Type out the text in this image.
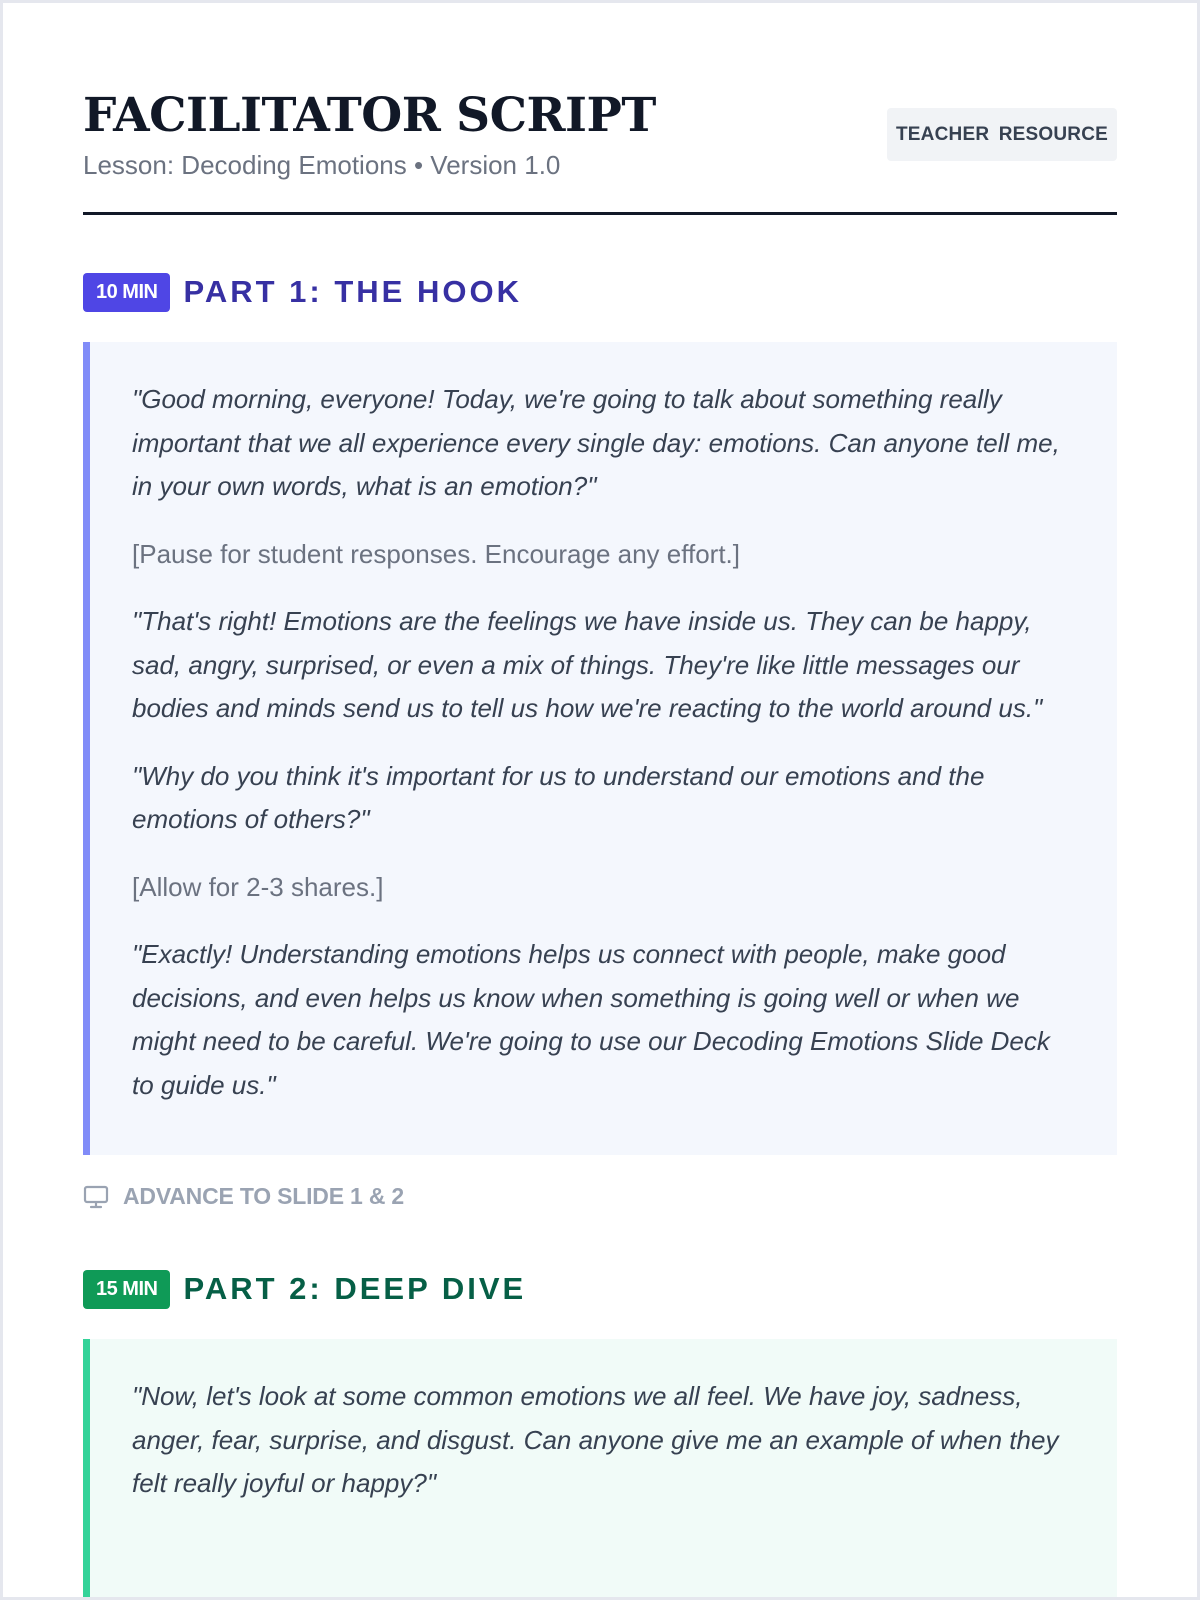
FACILITATOR SCRIPT
Lesson: Decoding Emotions • Version 1.0
TEACHER RESOURCE
10 MIN PART 1: THE HOOK

"Good morning, everyone! Today, we're going to talk about something really important that we all experience every single day: emotions. Can anyone tell me, in your own words, what is an emotion?"

[Pause for student responses. Encourage any effort.]

"That's right! Emotions are the feelings we have inside us. They can be happy, sad, angry, surprised, or even a mix of things. They're like little messages our bodies and minds send us to tell us how we're reacting to the world around us."

"Why do you think it's important for us to understand our emotions and the emotions of others?"

[Allow for 2-3 shares.]

"Exactly! Understanding emotions helps us connect with people, make good decisions, and even helps us know when something is going well or when we might need to be careful. We're going to use our Decoding Emotions Slide Deck to guide us."

ADVANCE TO SLIDE 1 & 2
15 MIN PART 2: DEEP DIVE

"Now, let's look at some common emotions we all feel. We have joy, sadness, anger, fear, surprise, and disgust. Can anyone give me an example of when they felt really joyful or happy?"
